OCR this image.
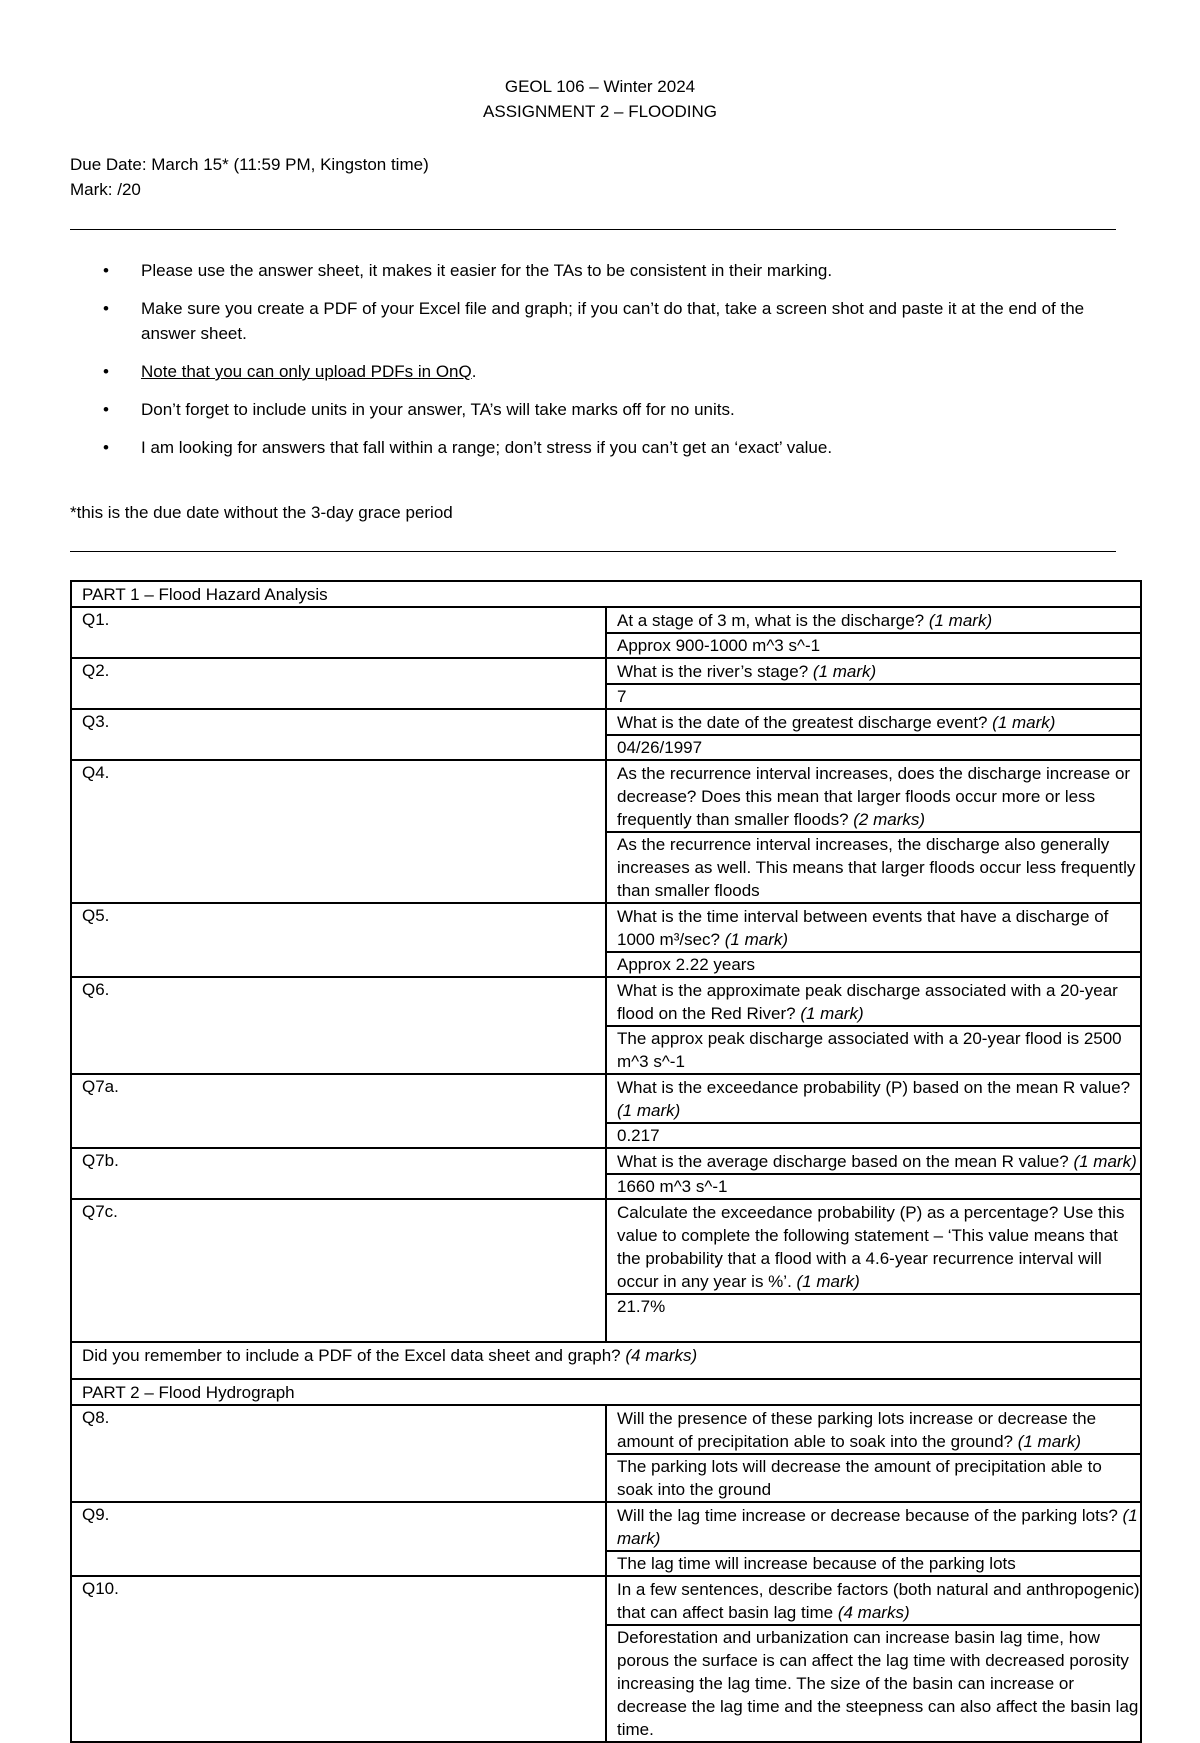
GEOL 106 – Winter 2024
ASSIGNMENT 2 – FLOODING
Due Date: March 15* (11:59 PM, Kingston time)
Mark: /20
• Please use the answer sheet, it makes it easier for the TAs to be consistent in their marking.
• Make sure you create a PDF of your Excel file and graph; if you can’t do that, take a screen shot and paste it at the end of the answer sheet.
• Note that you can only upload PDFs in OnQ.
• Don’t forget to include units in your answer, TA’s will take marks off for no units.
• I am looking for answers that fall within a range; don’t stress if you can’t get an ‘exact’ value.
*this is the due date without the 3-day grace period
PART 1 – Flood Hazard Analysis	
Q1.	At a stage of 3 m, what is the discharge? (1 mark)
	Approx 900-1000 m^3 s^-1
Q2.	What is the river’s stage? (1 mark)
	7
Q3.	What is the date of the greatest discharge event? (1 mark)
	04/26/1997
Q4.	As the recurrence interval increases, does the discharge increase or decrease? Does this mean that larger floods occur more or less frequently than smaller floods? (2 marks)
	As the recurrence interval increases, the discharge also generally increases as well. This means that larger floods occur less frequently than smaller floods
Q5.	What is the time interval between events that have a discharge of 1000 m³/sec? (1 mark)
	Approx 2.22 years
Q6.	What is the approximate peak discharge associated with a 20-year flood on the Red River? (1 mark)
	The approx peak discharge associated with a 20-year flood is 2500 m^3 s^-1
Q7a.	What is the exceedance probability (P) based on the mean R value? (1 mark)
	0.217
Q7b.	What is the average discharge based on the mean R value? (1 mark)
	1660 m^3 s^-1
Q7c.	Calculate the exceedance probability (P) as a percentage? Use this value to complete the following statement – ‘This value means that the probability that a flood with a 4.6-year recurrence interval will occur in any year is %’. (1 mark)
	21.7%
Did you remember to include a PDF of the Excel data sheet and graph? (4 marks)	
PART 2 – Flood Hydrograph	
Q8.	Will the presence of these parking lots increase or decrease the amount of precipitation able to soak into the ground? (1 mark)
	The parking lots will decrease the amount of precipitation able to soak into the ground
Q9.	Will the lag time increase or decrease because of the parking lots? (1 mark)
	The lag time will increase because of the parking lots
Q10.	In a few sentences, describe factors (both natural and anthropogenic) that can affect basin lag time (4 marks)
	Deforestation and urbanization can increase basin lag time, how porous the surface is can affect the lag time with decreased porosity increasing the lag time. The size of the basin can increase or decrease the lag time and the steepness can also affect the basin lag time.
